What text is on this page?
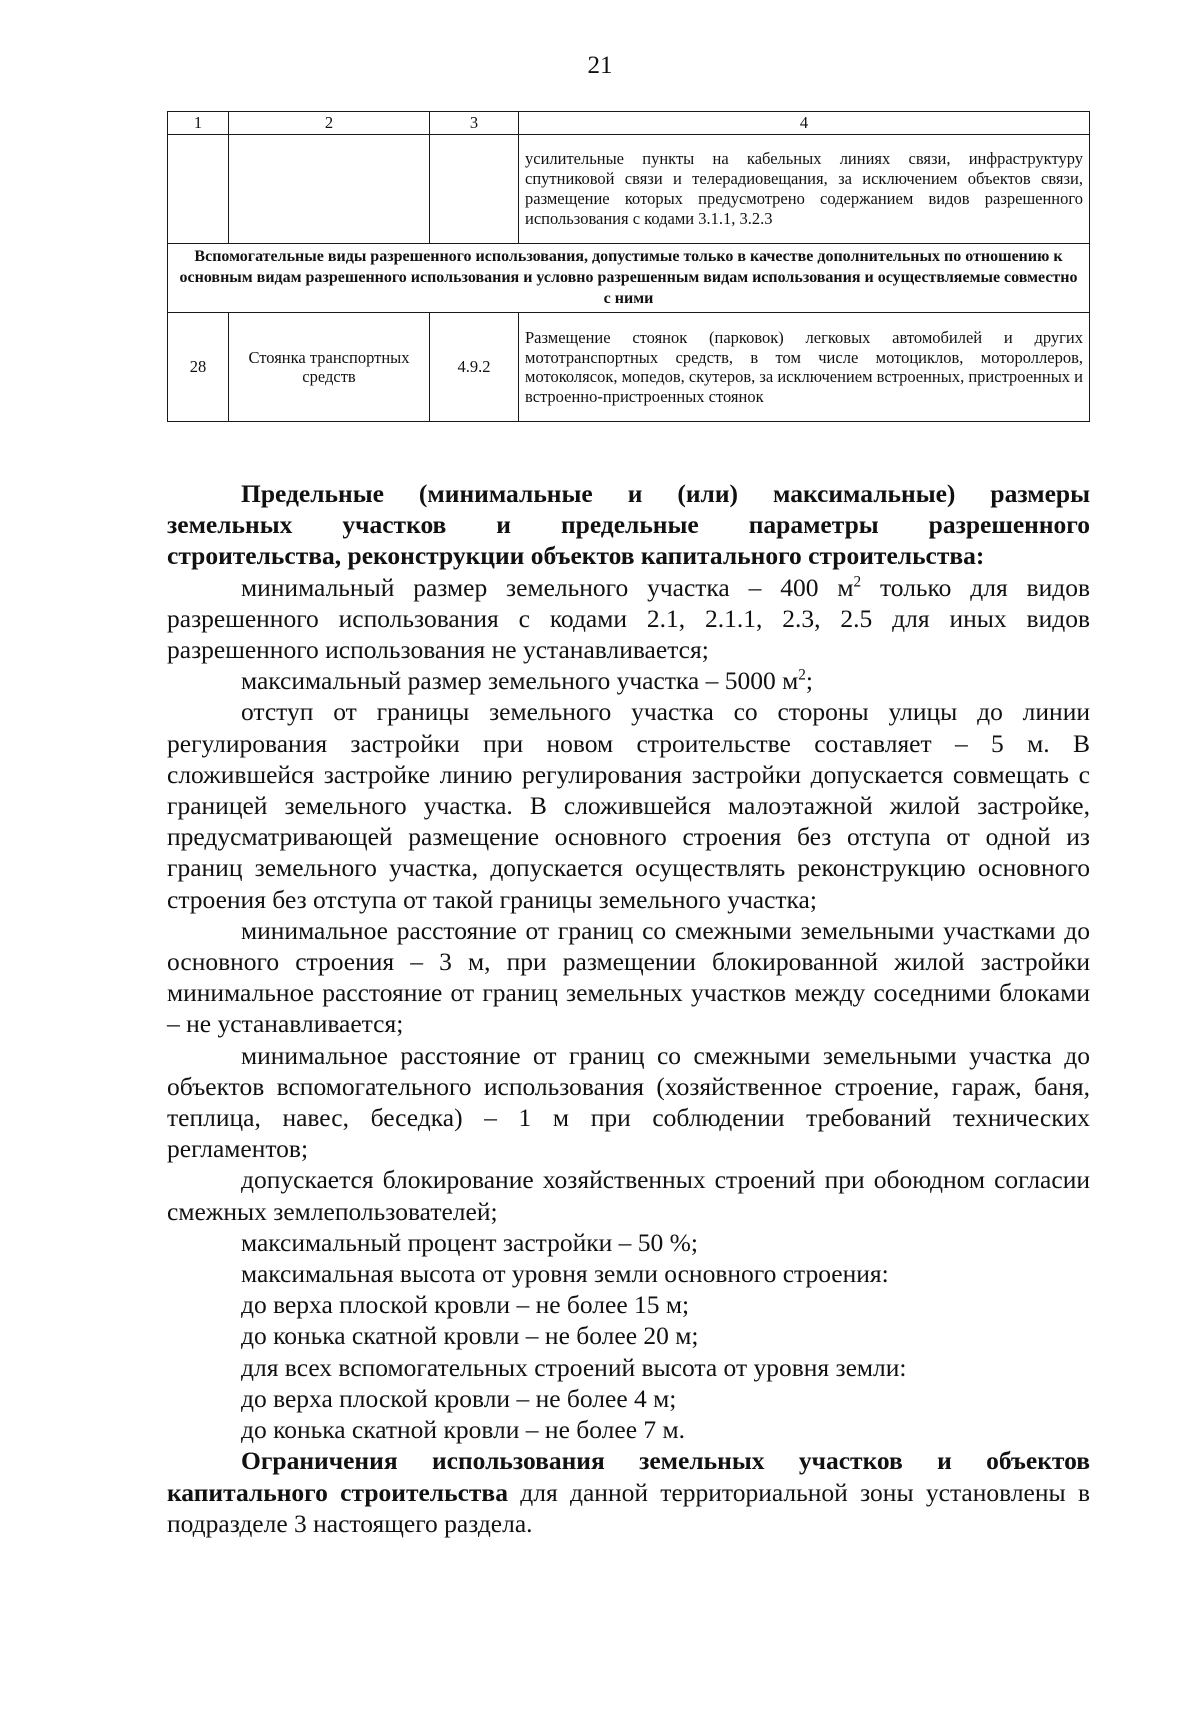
21
1	2	3	4
			усилительные пункты на кабельных линиях связи, инфраструктуру спутниковой связи и телерадиовещания, за исключением объектов связи, размещение которых предусмотрено содержанием видов разрешенного использования с кодами 3.1.1, 3.2.3
Вспомогательные виды разрешенного использования, допустимые только в качестве дополнительных по отношению к основным видам разрешенного использования и условно разрешенным видам использования и осуществляемые совместно с ними			
28	Стоянка транспортных средств	4.9.2	Размещение стоянок (парковок) легковых автомобилей и других мототранспортных средств, в том числе мотоциклов, мотороллеров, мотоколясок, мопедов, скутеров, за исключением встроенных, пристроенных и встроенно-пристроенных стоянок

Предельные (минимальные и (или) максимальные) размеры

земельных участков и предельные параметры разрешенного

строительства, реконструкции объектов капитального строительства:

минимальный размер земельного участка – 400 $м^2$ только для видов разрешенного использования с кодами 2.1, 2.1.1, 2.3, 2.5 для иных видов разрешенного использования не устанавливается;

максимальный размер земельного участка – 5000 $м^2$;

отступ от границы земельного участка со стороны улицы до линии регулирования застройки при новом строительстве составляет – 5 м. В сложившейся застройке линию регулирования застройки допускается совмещать с границей земельного участка. В сложившейся малоэтажной жилой застройке, предусматривающей размещение основного строения без отступа от одной из границ земельного участка, допускается осуществлять реконструкцию основного строения без отступа от такой границы земельного участка;

минимальное расстояние от границ со смежными земельными участками до основного строения – 3 м, при размещении блокированной жилой застройки минимальное расстояние от границ земельных участков между соседними блоками – не устанавливается;

минимальное расстояние от границ со смежными земельными участка до объектов вспомогательного использования (хозяйственное строение, гараж, баня, теплица, навес, беседка) – 1 м при соблюдении требований технических регламентов;

допускается блокирование хозяйственных строений при обоюдном согласии смежных землепользователей;

максимальный процент застройки – 50 %;

максимальная высота от уровня земли основного строения:

до верха плоской кровли – не более 15 м;

до конька скатной кровли – не более 20 м;

для всех вспомогательных строений высота от уровня земли:

до верха плоской кровли – не более 4 м;

до конька скатной кровли – не более 7 м.

Ограничения использования земельных участков и объектов капитального строительства для данной территориальной зоны установлены в подразделе 3 настоящего раздела.
